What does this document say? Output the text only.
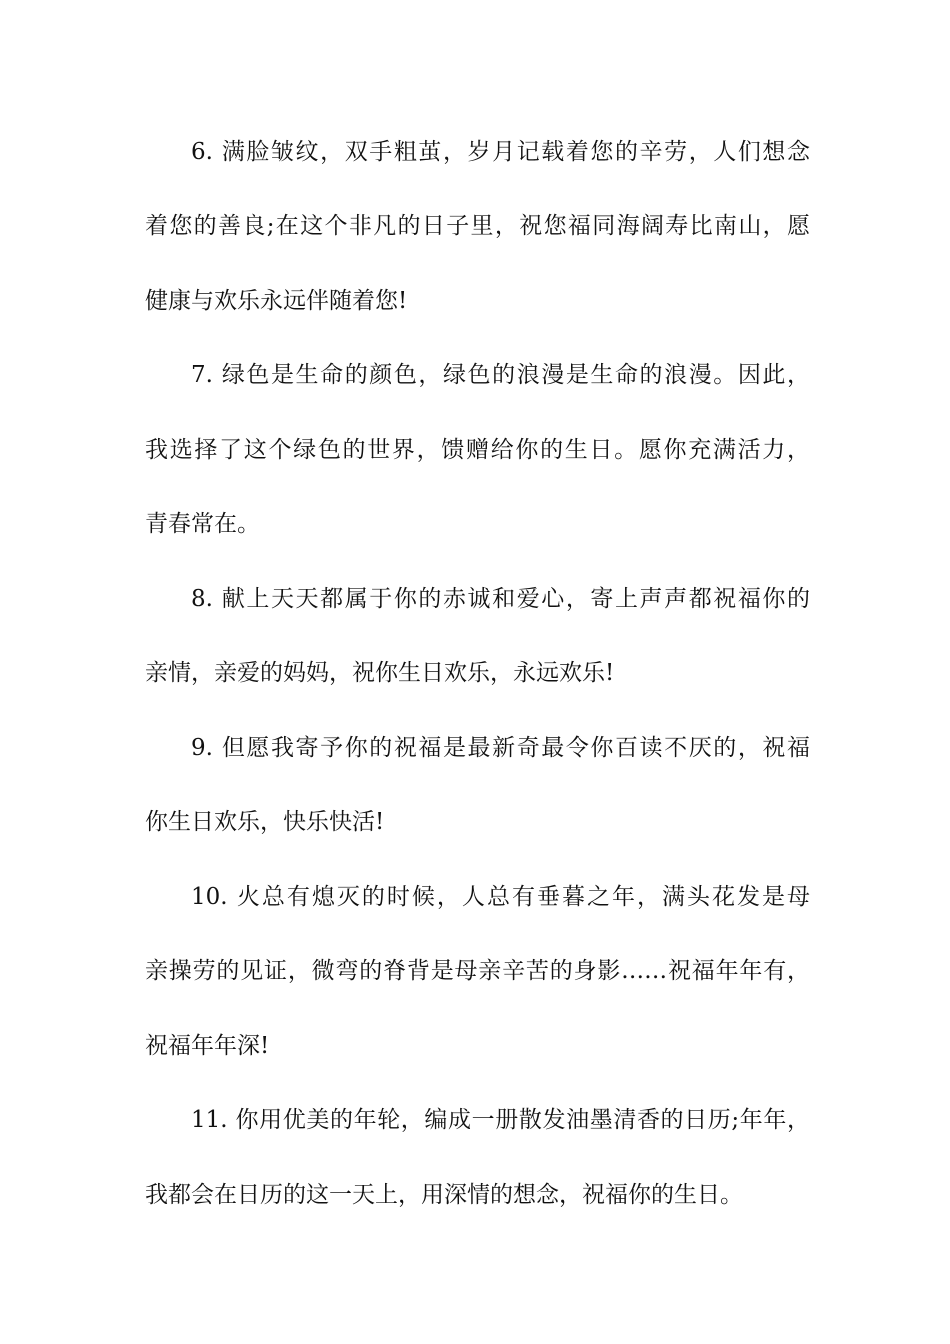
6. 满脸皱纹，双手粗茧，岁月记载着您的辛劳，人们想念
着您的善良;在这个非凡的日子里，祝您福同海阔寿比南山，愿
健康与欢乐永远伴随着您!
7. 绿色是生命的颜色，绿色的浪漫是生命的浪漫。因此，
我选择了这个绿色的世界，馈赠给你的生日。愿你充满活力，
青春常在。
8. 献上天天都属于你的赤诚和爱心，寄上声声都祝福你的
亲情，亲爱的妈妈，祝你生日欢乐，永远欢乐!
9. 但愿我寄予你的祝福是最新奇最令你百读不厌的，祝福
你生日欢乐，快乐快活!
10. 火总有熄灭的时候，人总有垂暮之年，满头花发是母
亲操劳的见证，微弯的脊背是母亲辛苦的身影……祝福年年有，
祝福年年深!
11. 你用优美的年轮，编成一册散发油墨清香的日历;年年，
我都会在日历的这一天上，用深情的想念，祝福你的生日。
